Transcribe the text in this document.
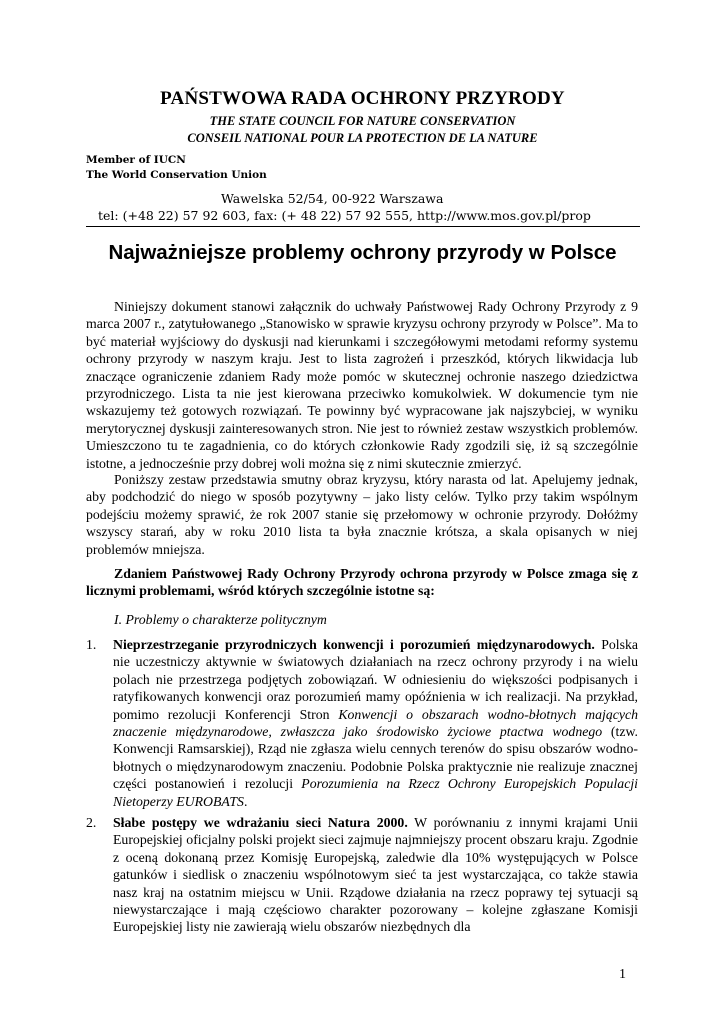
PAŃSTWOWA RADA OCHRONY PRZYRODY
THE STATE COUNCIL FOR NATURE CONSERVATION
CONSEIL NATIONAL POUR LA PROTECTION DE LA NATURE
Member of IUCN
The World Conservation Union
Wawelska 52/54, 00-922 Warszawa
tel: (+48 22) 57 92 603, fax: (+ 48 22) 57 92 555, http://www.mos.gov.pl/prop
Najważniejsze problemy ochrony przyrody w Polsce

Niniejszy dokument stanowi załącznik do uchwały Państwowej Rady Ochrony Przyrody z 9 marca 2007 r., zatytułowanego „Stanowisko w sprawie kryzysu ochrony przyrody w Polsce”. Ma to być materiał wyjściowy do dyskusji nad kierunkami i szczegółowymi metodami reformy systemu ochrony przyrody w naszym kraju. Jest to lista zagrożeń i przeszkód, których likwidacja lub znaczące ograniczenie zdaniem Rady może pomóc w skutecznej ochronie naszego dziedzictwa przyrodniczego. Lista ta nie jest kierowana przeciwko komukolwiek. W dokumencie tym nie wskazujemy też gotowych rozwiązań. Te powinny być wypracowane jak najszybciej, w wyniku merytorycznej dyskusji zainteresowanych stron. Nie jest to również zestaw wszystkich problemów. Umieszczono tu te zagadnienia, co do których członkowie Rady zgodzili się, iż są szczególnie istotne, a jednocześnie przy dobrej woli można się z nimi skutecznie zmierzyć.

Poniższy zestaw przedstawia smutny obraz kryzysu, który narasta od lat. Apelujemy jednak, aby podchodzić do niego w sposób pozytywny – jako listy celów. Tylko przy takim wspólnym podejściu możemy sprawić, że rok 2007 stanie się przełomowy w ochronie przyrody. Dołóżmy wszyscy starań, aby w roku 2010 lista ta była znacznie krótsza, a skala opisanych w niej problemów mniejsza.

Zdaniem Państwowej Rady Ochrony Przyrody ochrona przyrody w Polsce zmaga się z licznymi problemami, wśród których szczególnie istotne są:

I. Problemy o charakterze politycznym
1. Nieprzestrzeganie przyrodniczych konwencji i porozumień międzynarodowych. Polska nie uczestniczy aktywnie w światowych działaniach na rzecz ochrony przyrody i na wielu polach nie przestrzega podjętych zobowiązań. W odniesieniu do większości podpisanych i ratyfikowanych konwencji oraz porozumień mamy opóźnienia w ich realizacji. Na przykład, pomimo rezolucji Konferencji Stron Konwencji o obszarach wodno-błotnych mających znaczenie międzynarodowe, zwłaszcza jako środowisko życiowe ptactwa wodnego (tzw. Konwencji Ramsarskiej), Rząd nie zgłasza wielu cennych terenów do spisu obszarów wodno-błotnych o międzynarodowym znaczeniu. Podobnie Polska praktycznie nie realizuje znacznej części postanowień i rezolucji Porozumienia na Rzecz Ochrony Europejskich Populacji Nietoperzy EUROBATS.

2. Słabe postępy we wdrażaniu sieci Natura 2000. W porównaniu z innymi krajami Unii Europejskiej oficjalny polski projekt sieci zajmuje najmniejszy procent obszaru kraju. Zgodnie z oceną dokonaną przez Komisję Europejską, zaledwie dla 10% występujących w Polsce gatunków i siedlisk o znaczeniu wspólnotowym sieć ta jest wystarczająca, co także stawia nasz kraj na ostatnim miejscu w Unii. Rządowe działania na rzecz poprawy tej sytuacji są niewystarczające i mają częściowo charakter pozorowany – kolejne zgłaszane Komisji Europejskiej listy nie zawierają wielu obszarów niezbędnych dla

1
